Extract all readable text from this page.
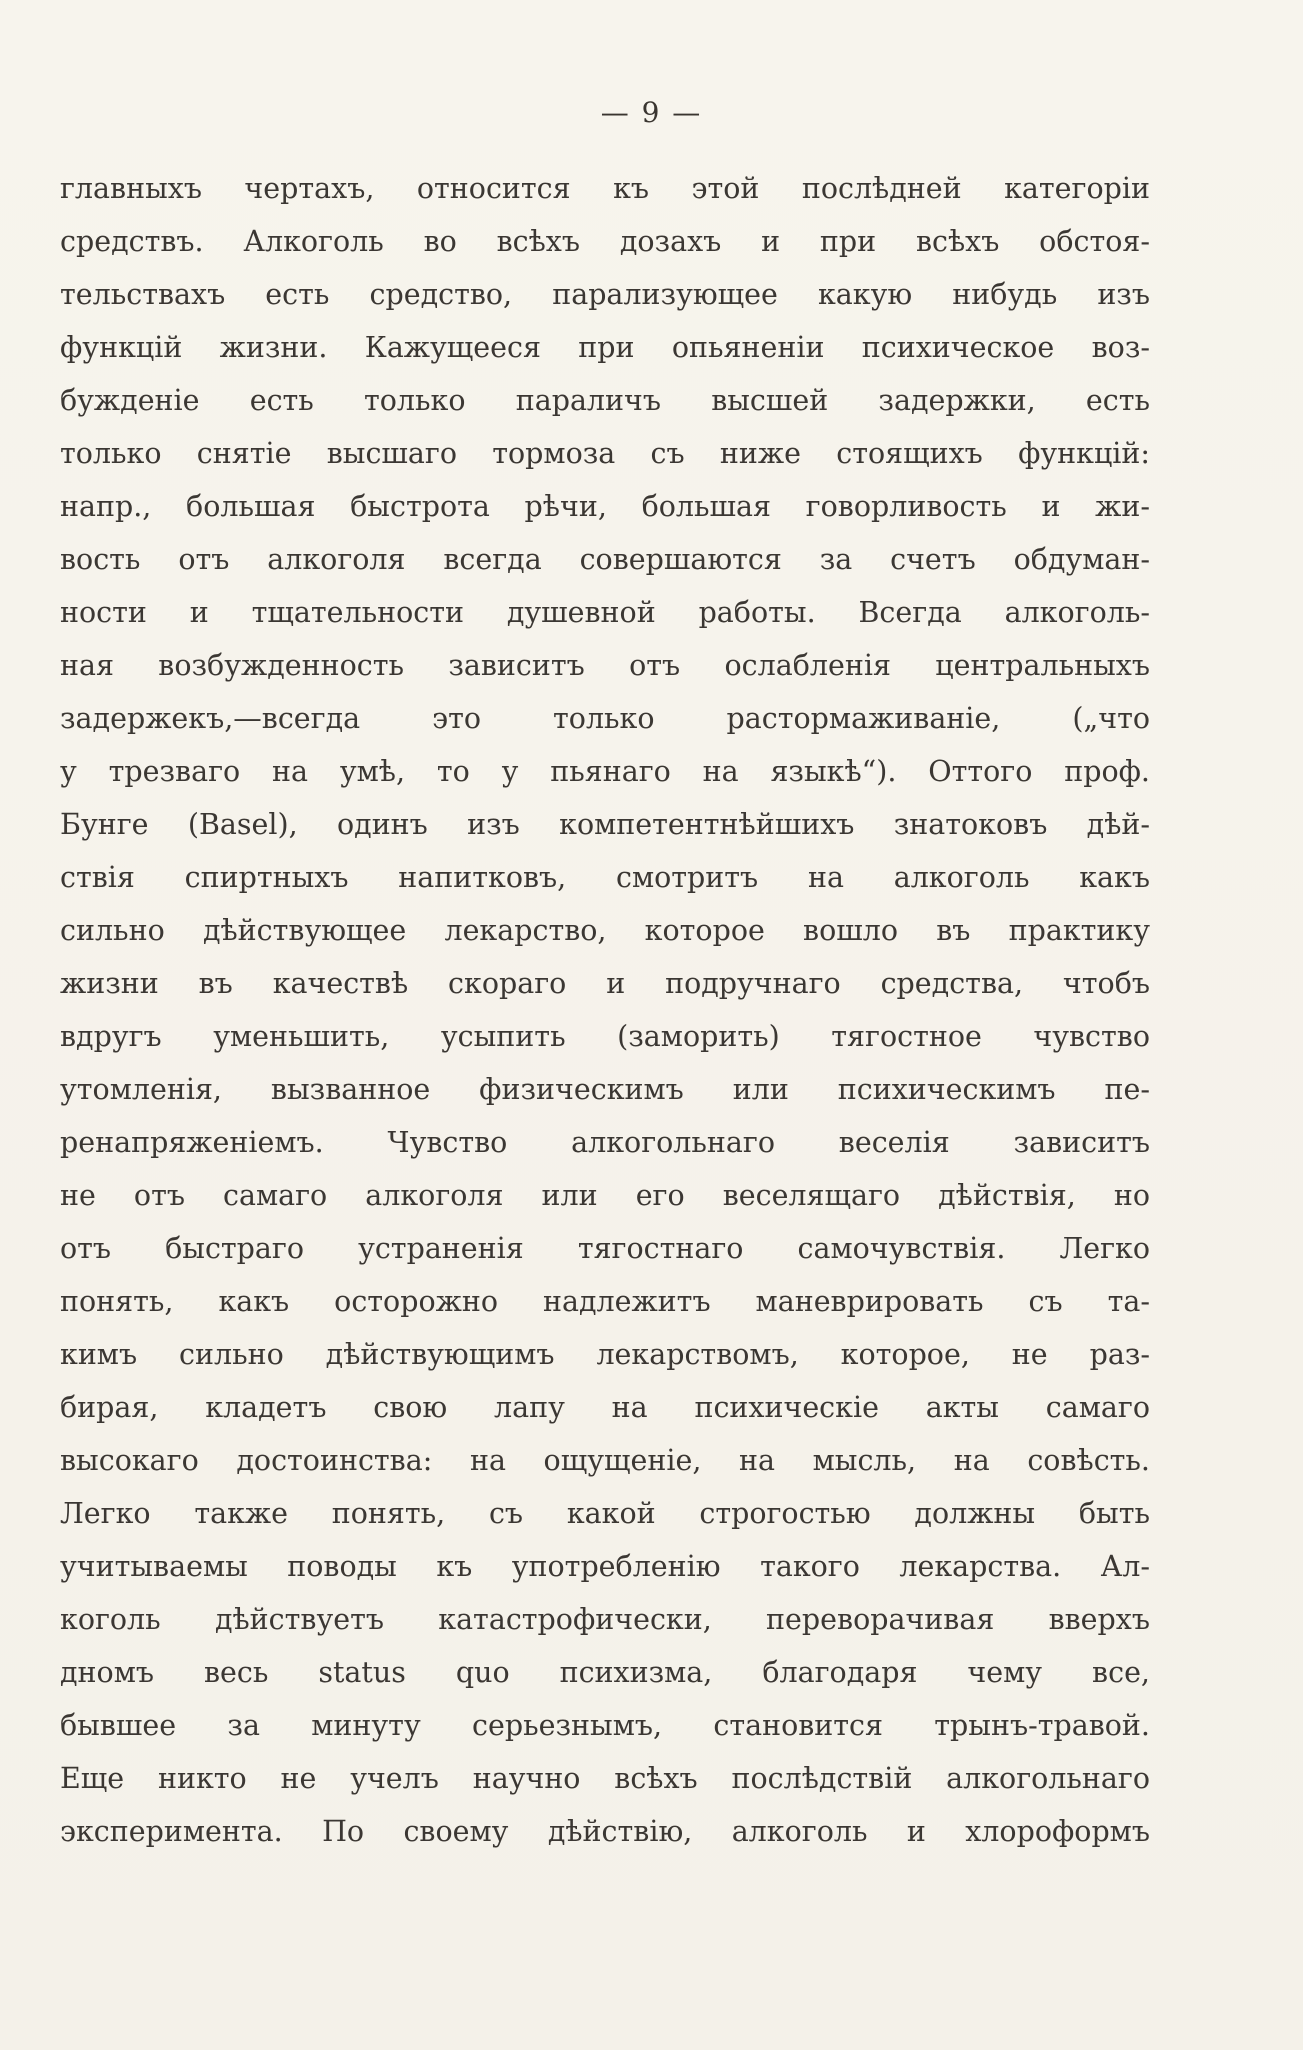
— 9 —
главныхъ чертахъ, относится къ этой послѣдней категоріи
средствъ. Алкоголь во всѣхъ дозахъ и при всѣхъ обстоя-
тельствахъ есть средство, парализующее какую нибудь изъ
функцій жизни. Кажущееся при опьяненіи психическое воз-
бужденіе есть только параличъ высшей задержки, есть
только снятіе высшаго тормоза съ ниже стоящихъ функцій:
напр., большая быстрота рѣчи, большая говорливость и жи-
вость отъ алкоголя всегда совершаются за счетъ обдуман-
ности и тщательности душевной работы. Всегда алкоголь-
ная возбужденность зависитъ отъ ослабленія центральныхъ
задержекъ,—всегда это только растормаживаніе, („что
у трезваго на умѣ, то у пьянаго на языкѣ“). Оттого проф.
Бунге (Basel), одинъ изъ компетентнѣйшихъ знатоковъ дѣй-
ствія спиртныхъ напитковъ, смотритъ на алкоголь какъ
сильно дѣйствующее лекарство, которое вошло въ практику
жизни въ качествѣ скораго и подручнаго средства, чтобъ
вдругъ уменьшить, усыпить (заморить) тягостное чувство
утомленія, вызванное физическимъ или психическимъ пе-
ренапряженіемъ. Чувство алкогольнаго веселія зависитъ
не отъ самаго алкоголя или его веселящаго дѣйствія, но
отъ быстраго устраненія тягостнаго самочувствія. Легко
понять, какъ осторожно надлежитъ маневрировать съ та-
кимъ сильно дѣйствующимъ лекарствомъ, которое, не раз-
бирая, кладетъ свою лапу на психическіе акты самаго
высокаго достоинства: на ощущеніе, на мысль, на совѣсть.
Легко также понять, съ какой строгостью должны быть
учитываемы поводы къ употребленію такого лекарства. Ал-
коголь дѣйствуетъ катастрофически, переворачивая вверхъ
дномъ весь status quo психизма, благодаря чему все,
бывшее за минуту серьезнымъ, становится трынъ-травой.
Еще никто не учелъ научно всѣхъ послѣдствій алкогольнаго
эксперимента. По своему дѣйствію, алкоголь и хлороформъ
